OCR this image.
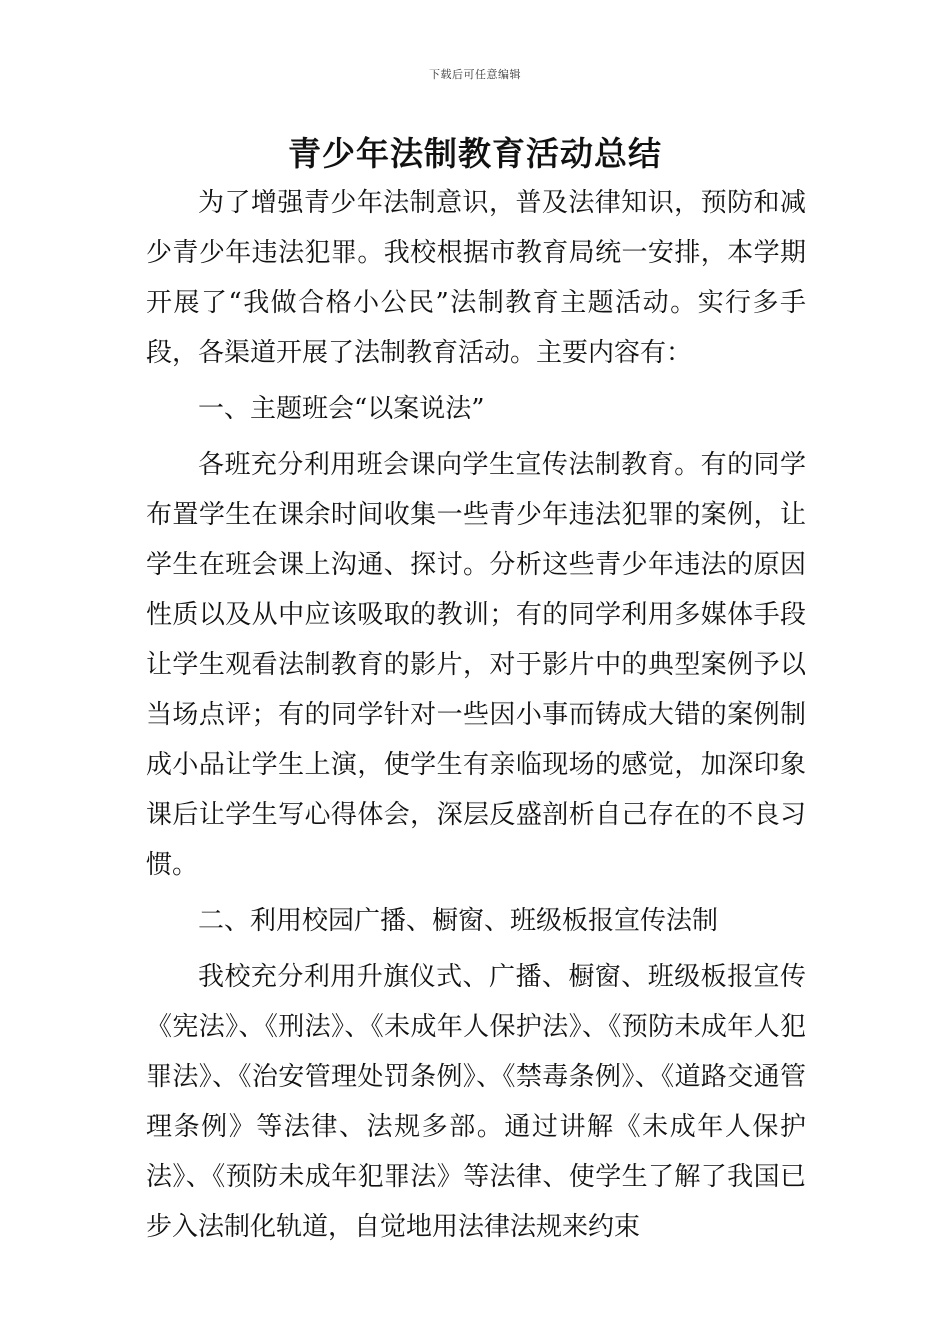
下载后可任意编辑
青少年法制教育活动总结

为了增强青少年法制意识，普及法律知识，预防和减少青少年违法犯罪。我校根据市教育局统一安排，本学期开展了“我做合格小公民”法制教育主题活动。实行多手段，各渠道开展了法制教育活动。主要内容有：

一、主题班会“以案说法”

各班充分利用班会课向学生宣传法制教育。有的同学布置学生在课余时间收集一些青少年违法犯罪的案例，让学生在班会课上沟通、探讨。分析这些青少年违法的原因性质以及从中应该吸取的教训；有的同学利用多媒体手段让学生观看法制教育的影片，对于影片中的典型案例予以当场点评；有的同学针对一些因小事而铸成大错的案例制成小品让学生上演，使学生有亲临现场的感觉，加深印象课后让学生写心得体会，深层反盛剖析自己存在的不良习惯。

二、利用校园广播、橱窗、班级板报宣传法制

我校充分利用升旗仪式、广播、橱窗、班级板报宣传《宪法》、《刑法》、《未成年人保护法》、《预防未成年人犯罪法》、《治安管理处罚条例》、《禁毒条例》、《道路交通管理条例》等法律、法规多部。通过讲解《未成年人保护法》、《预防未成年犯罪法》等法律、使学生了解了我国已步入法制化轨道，自觉地用法律法规来约束
